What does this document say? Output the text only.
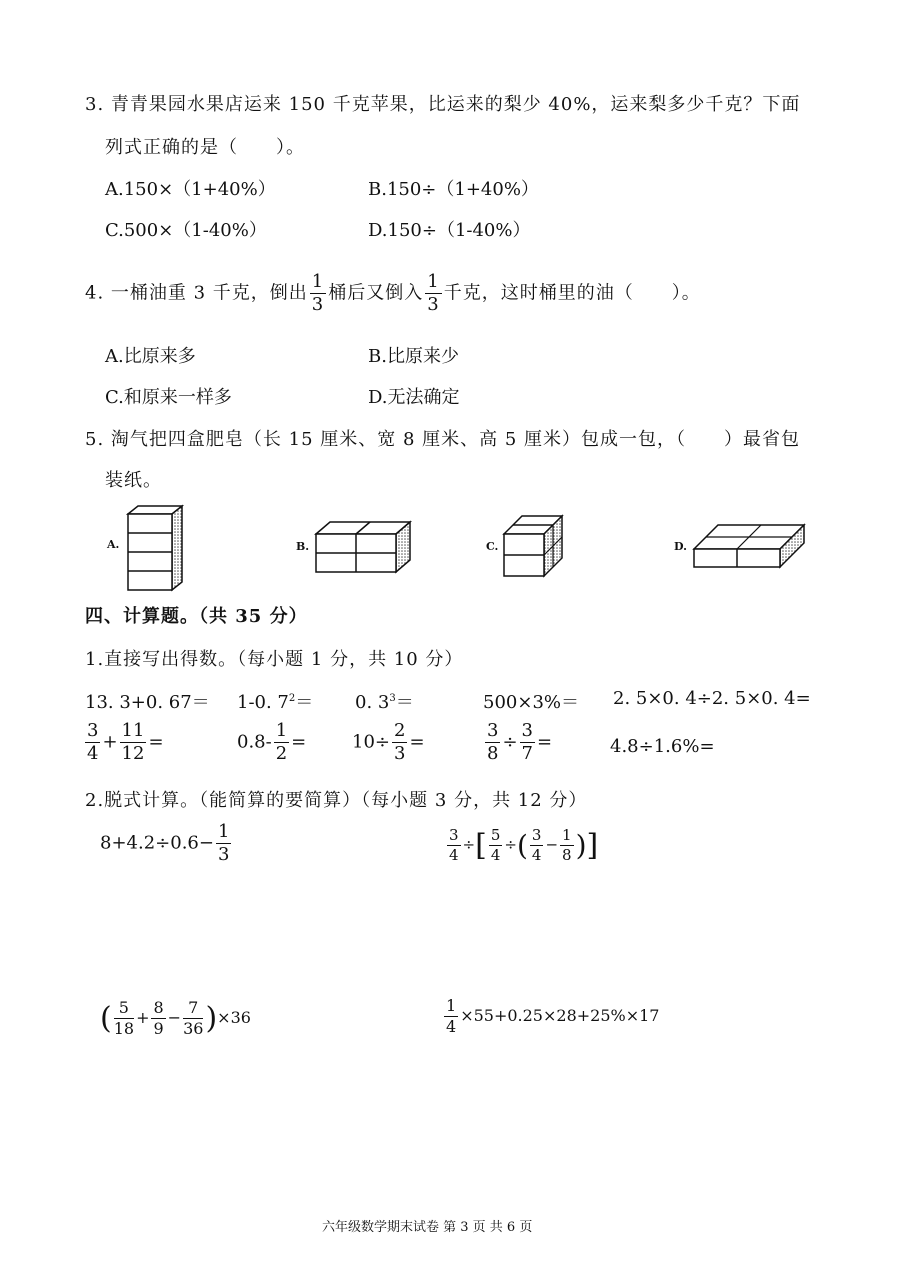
3. 青青果园水果店运来 150 千克苹果，比运来的梨少 40%，运来梨多少千克？下面
列式正确的是（　　）。
A.150×（1+40%）	B.150÷（1+40%）
C.500×（1-40%）	D.150÷（1-40%）
4. 一桶油重 3 千克，倒出 $\frac{1}{3}$ 桶后又倒入 $\frac{1}{3}$ 千克，这时桶里的油（　　）。
A.比原来多	B.比原来少
C.和原来一样多	D.无法确定
5. 淘气把四盒肥皂（长 15 厘米、宽 8 厘米、高 5 厘米）包成一包，（　　）最省包
装纸。
A.	B.	C.	D.
四、计算题。（共 35 分）
1.直接写出得数。（每小题 1 分，共 10 分）
13. 3+0. 67＝ 1-0. $7^2= 0$. $3^3=$	500×3%＝ 2. 5×0. 4÷2. 5×0. 4=
$\frac{3}{4} + \frac{11}{12}$ =	$0.8- \frac{1}{2}$ =	$10\div \frac{2}{3}$ =	$\frac{3}{8} \div \frac{3}{7}$ =	4.8÷1.6%=
2.脱式计算。（能简算的要简算）（每小题 3 分，共 12 分）
$8+4.2\div 0.6- \frac{1}{3}$	$\frac{3}{4}$ ÷[ $\frac{5}{4}$ ÷( $\frac{3}{4} - \frac{1}{8}$ )]
( $\frac{5}{18} + \frac{8}{9} - \frac{7}{36} )\times 36$	$\frac{1}{4} \times 55+0.25\times 28+25\%\times 17$
六年级数学期末试卷 第 3 页 共 6 页
